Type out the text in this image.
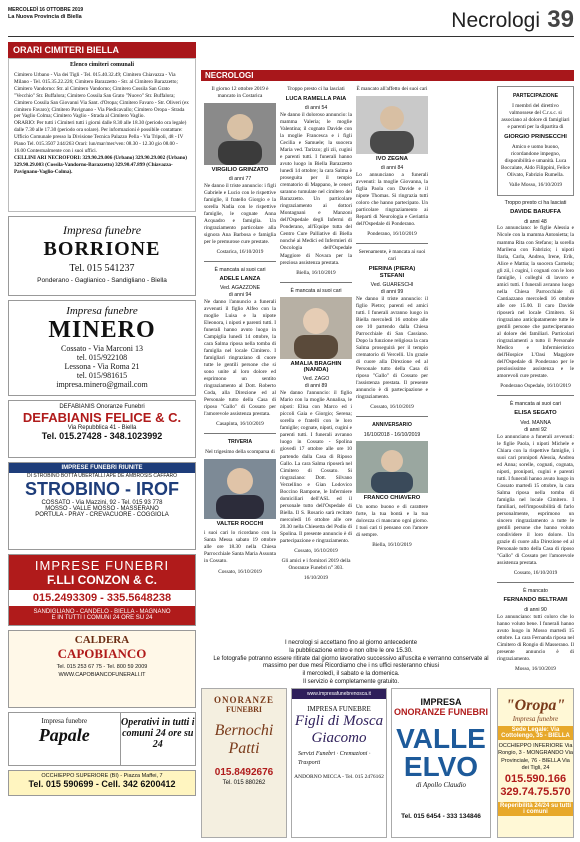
MERCOLEDÌ 16 OTTOBRE 2019
La Nuova Provincia di Biella	Necrologi 39
ORARI CIMITERI BIELLA
Elenco cimiteri comunali
Cimitero Urbano - Via dei Tigli - Tel. 015.40.32.49; Cimitero Chiavazza - Via Milano - Tel. 015.35.22.226; Cimitero Barazzetto - Str. al Cimitero Barazzetto; Cimitero Vandorno: Str. al Cimitero Vandorno; Cimitero Cossila San Grato "Vecchio" Str. Buffalora; Cimitero Cossila San Grato "Nuovo" Str. Buffalora; Cimitero Cossila San Giovanni Via Sant. d'Oropa; Cimitero Favaro - Str. Oliveri (ex cimitero Favaro); Cimitero Pavignano - Via Piedicavallo; Cimitero Oropa - Strada per Vaglio Colma; Cimitero Vaglio - Strada al Cimitero Vaglio.
ORARIO: Per tutti i Cimiteri tutti i giorni dalle 8.30 alle 18.30 (periodo ora legale) dalle 7.30 alle 17.30 (periodo ora solare). Per informazioni è possibile contattare: Ufficio Comunale presso la Divisione Tecnica Palazzo Pella - Via Tripoli, 48 - IV Piano Tel. 015.3507 244/263 Orari: lun/mar/mer/ven: 08.30 - 12.30 gio 08.00 - 16.00 Contestualmente con i suoi uffici.
CELLINI ARI NECROFORI: 329.90.29.006 (Urbano) 329.90.29.002 (Urbano) 329.90.29.003 (Cossila-Vandorno-Barazzetto) 329.90.47.899 (Chiavazza-Pavignano-Vaglio-Colma).
Impresa funebre
BORRIONE
Tel. 015 541237
Ponderano - Gaglianico - Sandigliano - Biella
Impresa funebre
MINERO
Cossato - Via Marconi 13
tel. 015/922108
Lessona - Via Roma 21
tel. 015/981615
impresa.minero@gmail.com
DEFABIANIS Onoranze Funebri
DEFABIANIS FELICE & C.
Via Repubblica 41 - Biella
Tel. 015.27428 - 348.1023992
IMPRESE FUNEBRI RIUNITE
DI STROBINO BOTTA UBERTALLI APE DE AMBROSIS CAFFARO
STROBINO - IROF
COSSATO - Via Mazzini, 92 - Tel. 015 93 778
MOSSO - VALLE MOSSO - MASSERANO
PORTULA - PRAY - CREVACUORE - COGGIOLA
IMPRESE FUNEBRI
F.LLI CONZON & C.
015.2493309 - 335.5648238
SANDIGLIANO - CANDELO - BIELLA - MAGNANO
E IN TUTTI I COMUNI 24 ORE SU 24
CALDERA
CAPOBIANCO
Tel. 015 253 67 75 - Tel. 800 59 2009
WWW.CAPOBIANCOFUNERALI.IT
Impresa funebre
Papale
Operativi in tutti i comuni 24 ore su 24
OCCHIEPPO SUPERIORE (BI) - Piazza Maffei, 7
Tel. 015 590699 - Cell. 342 6200412
NECROLOGI

Il giorno 12 ottobre 2019 è mancato in Costarica

VIRGILIO GRINZATO
di anni 77

Ne danno il triste annuncio: i figli Gabriele e Lucio con le rispettive famiglie, il fratello Giorgio e la sorella Nadia con le rispettive famiglie, le cognate Anna Acquadro e famiglia. Un ringraziamento particolare alla signora Ana Barbosa e famiglia per le premurose cure prestate.

Costarica, 16/10/2019

È mancata ai suoi cari
ADELE LANZA
Ved. AGAZZONE
di anni 94

Ne danno l'annuncio a funerali avvenuti il figlio Alfeo con la moglie Luisa e la nipote Eleonora, i nipoti e parenti tutti. I funerali hanno avuto luogo in Campiglia lunedì 14 ottobre, la cara Salma riposa nella tomba di famiglia nel locale Cimitero. I famigliari ringraziano di cuore tutte le gentili persone che si sono unite al loro dolore ed esprimono un sentito ringraziamento al Dott. Roberto Coda, alla Direzione ed al Personale tutto della Casa di riposo "Gallo" di Cossato per l'amorevole assistenza prestata.

Casapinta, 16/10/2019

TRIVERIA

Nel trigesimo della scomparsa di

VALTER ROCCHI

i suoi cari lo ricordano con la Santa Messa sabato 19 ottobre alle ore 18.30 nella Chiesa Parrocchiale Santa Maria Assunta in Cossato.

Cossato, 16/10/2019

Troppo presto ci ha lasciati

LUCA RAMELLA PAIA
di anni 54

Ne danno il doloroso annuncio: la mamma Valeria; le moglie Valentina; il cognato Davide con la moglie Francesca e i figli Cecilia e Samuele; la suocera Maria ved. Tarizzo; gli zii, cugini e parenti tutti. I funerali hanno avuto luogo in Biella Barazzetto lunedì 14 ottobre; la cara Salma è proseguita per il tempio crematorio di Mappano, le ceneri saranno tumulate nel cimitero del Barazzetto. Un particolare ringraziamento ai dottori Montagnani e Manzoni dell'Ospedale degli Infermi di Ponderano, all'Equipe tutta del Centro Cure Palliative di Biella nonché ai Medici ed Infermieri di Oncologia dell'Ospedale Maggiore di Novara per la preziosa assistenza prestata.

Biella, 16/10/2019

È mancata ai suoi cari
AMALIA BRAGHIN (NANDA)
Ved. ZAGO
di anni 89

Ne danno l'annuncio: il figlio Mario con la moglie Annalisa, le nipoti: Elisa con Marco ed i piccoli Gaia e Giorgio; Serena; sorella e fratelli con le loro famiglie; cognate, nipoti, cugini e parenti tutti. I funerali avranno luogo in Cossato - Spolina giovedì 17 ottobre alle ore 10 partendo dalla Casa di Riposo Gallo. La cara Salma riposerà nel Cimitero di Cossato. Si ringraziano: Dott. Silvano Verzellino e Gian Lodovico Boccino Rampone, le Infermiere domiciliari dell'ASL ed il personale tutto dell'Ospedale di Biella. Il S. Rosario sarà recitato mercoledì 16 ottobre alle ore 20.30 nella Chiesetta del Podio di Spolina. Il presente annuncio è di partecipazione e ringraziamento.

Cossato, 16/10/2019

Gli amici e i fornitori 2019 della Onoranze Funebri n° 303.

16/10/2019

È mancato all'affetto dei suoi cari

IVO ZEGNA
di anni 84

Lo annunciano a funerali avvenuti: la moglie Giovanna, la figlia Paola con Davide e il nipote Thomas. Si ringrazia tutti coloro che hanno partecipato. Un particolare ringraziamento ai Reparti di Neurologia e Geriatria dell'Ospedale di Ponderano.

Ponderano, 16/10/2019

Serenamente, è mancata ai suoi cari

PIERINA (PIERA) STEFANI
Ved. GUARESCHI
di anni 99

Ne danno il triste annuncio: il figlio Pietro; parenti ed amici tutti. I funerali avranno luogo in Biella mercoledì 16 ottobre alle ore 10 partendo dalla Chiesa Parrocchiale di San Cassiano. Dopo la funzione religiosa la cara Salma proseguirà per il tempio crematorio di Vercelli. Un grazie di cuore alla Direzione ed al Personale tutto della Casa di riposo "Gallo" di Cossato per l'assistenza prestata. Il presente annuncio è di partecipazione e ringraziamento.

Cossato, 16/10/2019

ANNIVERSARIO
16/10/2018 - 16/10/2019
FRANCO CHIAVERO

Un uomo buono e di carattere forte, la tua bontà e la tua dolcezza ci mancano ogni giorno. I tuoi cari ti pensano con l'amore di sempre.

Biella, 16/10/2019

PARTECIPAZIONE

I membri del direttivo valmossese del C.r.s.c. si associano al dolore di famigliari e parenti per la dipartita di

GIORGIO PRINSECCHI

Amico e uomo buono, ricordandone impegno, disponibilità e umanità. Luca Boccalate, Aldo Filippini, Felice Olivato, Fabrizio Rumella.

Valle Mosso, 16/10/2019

Troppo presto ci ha lasciati
DAVIDE BARUFFA
di anni 48

Lo annunciano: le figlie Alessia e Nicole con la mamma Antonietta; la mamma Rita con Stefano; la sorella Marilena con Fabrizio; i nipoti Ilaria, Carla, Andrea, Irene, Erik, Alice e Mattia; la suocera Carmela; gli zii, i cugini, i cognati con le loro famiglie, i colleghi di lavoro e amici tutti. I funerali avranno luogo nella Chiesa Parrocchiale di Cantiazzano mercoledì 16 ottobre alle ore 15.00. Il caro Davide riposerà nel locale Cimitero. Si ringraziano anticipatamente tutte le gentili persone che parteciperanno al dolore dei familiari. Particolari ringraziamenti a tutto il Personale Medico e Infermieristico dell'Hospice L'Oasi Maggiore dell'Ospedale di Ponderano per le preziosissime assistenza e le amorevoli cure prestate.

Ponderano Ospedale, 16/10/2019

È mancata ai suoi cari
ELISA SEGATO
Ved. MANNA
di anni 92

Lo annunciano a funerali avvenuti: le figlie Paola, i nipoti Michele e Chiara con la rispettive famiglie, i suoi cari pronipoti Alessia, Andrea ed Anna; sorelle, cognati, cognata, nipoti, pronipoti, cugini e parenti tutti. I funerali hanno avuto luogo in Cossato martedì 15 ottobre, la cara Salma riposa nella tomba di famiglia nel locale Cimitero. I familiari, nell'impossibilità di farlo personalmente, esprimono un sincero ringraziamento a tutte le gentili persone che hanno voluto condividere il loro dolore. Un grazie di cuore alla Direzione ed al Personale tutto della Casa di riposo "Gallo" di Cossato per l'amorevole assistenza prestata.

Cossato, 16/10/2019

È mancato
FERNANDO BELTRAMI
di anni 90

Lo annunciano: tutti coloro che lo hanno voluto bene. I funerali hanno avuto luogo in Mosso martedì 15 ottobre. La cara Fernanda riposa nel Cimitero di Rongio di Masserano. Il presente annuncio è di ringraziamento.

Mosso, 16/10/2019

I necrologi si accettano fino al giorno antecedente
la pubblicazione entro e non oltre le ore 15.30.
Le fotografie potranno essere ritirate dal giorno lavorativo successivo all'uscita e verranno conservate al massimo per due mesi Ricordiamo che i ns uffici resteranno chiusi
il mercoledì, il sabato e la domenica.
Il servizio è completamente gratuito.
ONORANZE
FUNEBRI
Bernochi Patti
015.8492676
Tel. 015 880262
www.impresafunebrenosca.it
IMPRESA FUNEBRE
Figli di Mosca Giacomo
Servizi Funebri · Cremazioni · Trasporti
ANDORNO MICCA - Tel. 015 2476162
IMPRESA
ONORANZE FUNEBRI
VALLE ELVO
di Apollo Claudio
Tel. 015 6454 - 333 134846
"Oropa"
Impresa funebre
Sede Legale: Via Cottolengo, 35 - BIELLA
OCCHIEPPO INFERIORE Via Rongio, 3 - MONGRANDO Via Provinciale, 76 - BIELLA Via dei Tigli, 24
015.590.166
329.74.75.570
Reperibilità 24/24 su tutti i comuni
